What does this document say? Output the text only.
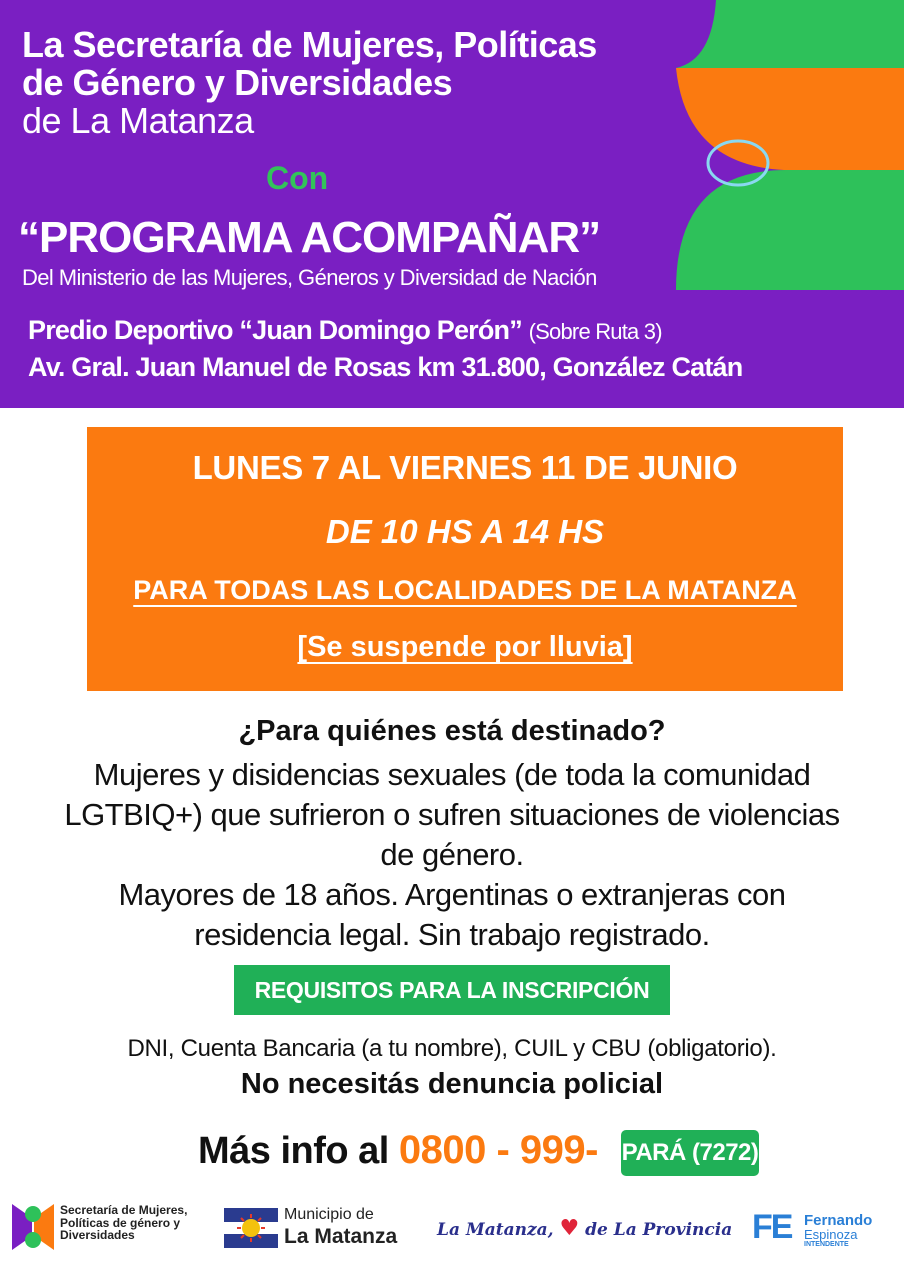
La Secretaría de Mujeres, Políticas
de Género y Diversidades
de La Matanza
Con
“PROGRAMA ACOMPAÑAR”
Del Ministerio de las Mujeres, Géneros y Diversidad de Nación
Predio Deportivo “Juan Domingo Perón” (Sobre Ruta 3)
Av. Gral. Juan Manuel de Rosas km 31.800, González Catán
LUNES 7 AL VIERNES 11 DE JUNIO
DE 10 HS A 14 HS
PARA TODAS LAS LOCALIDADES DE LA MATANZA
[Se suspende por lluvia]
¿Para quiénes está destinado?
Mujeres y disidencias sexuales (de toda la comunidad
LGTBIQ+) que sufrieron o sufren situaciones de violencias
de género.
Mayores de 18 años. Argentinas o extranjeras con
residencia legal. Sin trabajo registrado.
REQUISITOS PARA LA INSCRIPCIÓN
DNI, Cuenta Bancaria (a tu nombre), CUIL y CBU (obligatorio).
No necesitás denuncia policial
Más info al 0800 - 999- PARÁ (7272)
Secretaría de Mujeres,
Políticas de género y
Diversidades
Municipio de
La Matanza La Matanza, ♥ de La Provincia FE Fernando
Espinoza
INTENDENTE
